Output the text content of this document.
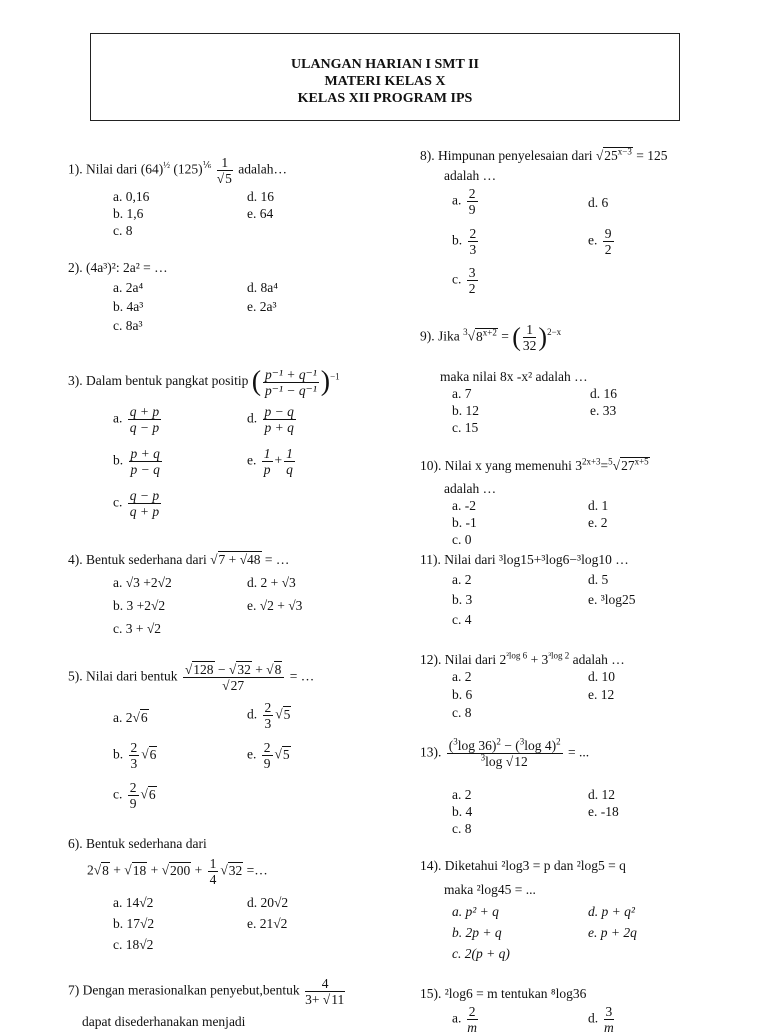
ULANGAN HARIAN I SMT II
MATERI KELAS X
KELAS XII PROGRAM IPS
1). Nilai dari $(64)^{\frac{1}{2}}$ $(125)^{\frac{1}{6}} \frac{1}{√5}$ adalah…
a. 0,16
b. 1,6
c. 8
d. 16
e. 64
2). (4a³)²: 2a² = …
a. 2a⁴
b. 4a³
c. 8a³
d. 8a⁴
e. 2a³
3). Dalam bentuk pangkat positip ( $\frac{\text{p⁻¹ + q⁻¹}}{\text{p⁻¹ − q⁻¹}} )^{-1}$
a. $\frac{q + p}{q - p}$
b. $\frac{p + q}{p - q}$
c. $\frac{q - p}{q + p}$
d. $\frac{p - q}{p + q}$
e. $\frac{1}{p} + \frac{1}{q}$
4). Bentuk sederhana dari √7 + √48 = …
a. √3 +2√2
b. 3 +2√2
c. 3 + √2
d. 2 + √3
e. √2 + √3
5). Nilai dari bentuk $\frac{√128 - √32 + √8}{√27}$ = …
a. 2√6
b. $\frac{2}{3} √6$
c. $\frac{2}{9} √6$
d. $\frac{2}{3} √5$
e. $\frac{2}{9} √5$
6). Bentuk sederhana dari
$2√8 + √18 + √200 + \frac{1}{4} √32$ =…
a. 14√2
b. 17√2
c. 18√2
d. 20√2
e. 21√2
7) Dengan merasionalkan penyebut,bentuk $\frac{4}{3+ √11}$
dapat disederhanakan menjadi
8). Himpunan penyelesaian dari $√25^{x-3} = 125$
adalah …
a. $\frac{2}{9}$
b. $\frac{2}{3}$
c. $\frac{3}{2}$
d. 6
e. $\frac{9}{2}$
9). Jika $^3√8^{x+2}$ = ( $\frac{1}{32} )^{2-x}$
maka nilai 8x -x² adalah …
a. 7
b. 12
c. 15
d. 16
e. 33
10). Nilai x yang memenuhi $3^{2x+3}=^5√27^{x+5}$
adalah …
a. -2
b. -1
c. 0
d. 1
e. 2
11). Nilai dari ³log15+³log6−³log10 …
a. 2
b. 3
c. 4
d. 5
e. ³log25
12). Nilai dari $2^{^2log 6} + 3^{^3log 2}$ adalah …
a. 2
b. 6
c. 8
d. 10
e. 12
13). $\frac{(^3\log 36)^2 - (^3\log 4)^2}{^3\log √12}$ = ...
a. 2
b. 4
c. 8
d. 12
e. -18
14). Diketahui ²log3 = p dan ²log5 = q
maka ²log45 = ...
a. p² + q
b. 2p + q
c. 2(p + q)
d. p + q²
e. p + 2q
15). ²log6 = m tentukan ⁸log36
a. $\frac{2}{m}$	d. $\frac{3}{m}$
